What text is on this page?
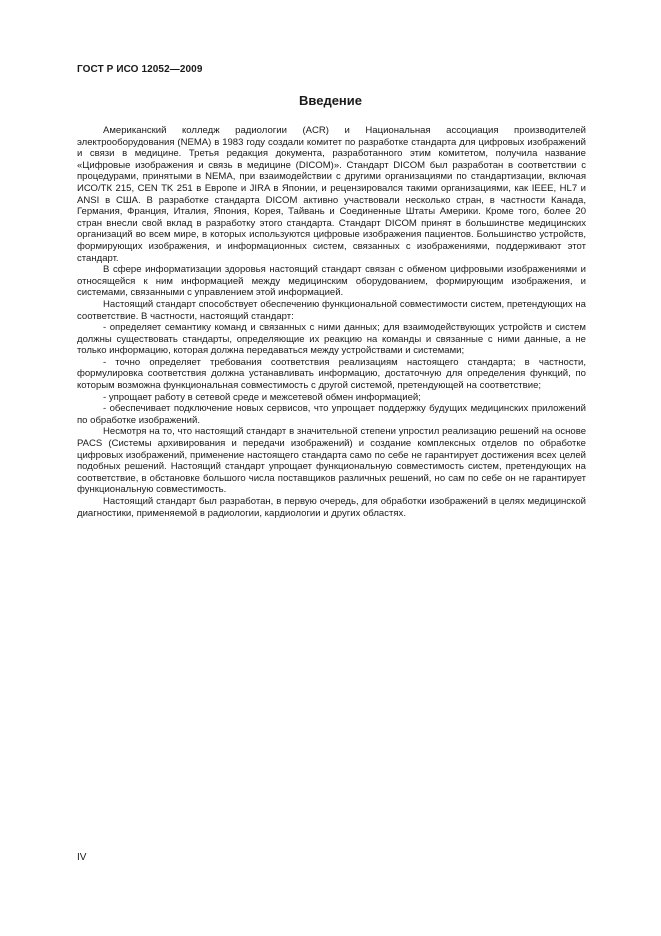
ГОСТ Р ИСО 12052—2009
Введение

Американский колледж радиологии (ACR) и Национальная ассоциация производителей электрооборудования (NEMA) в 1983 году создали комитет по разработке стандарта для цифровых изображений и связи в медицине. Третья редакция документа, разработанного этим комитетом, получила название «Цифровые изображения и связь в медицине (DICOM)». Стандарт DICOM был разработан в соответствии с процедурами, принятыми в NEMA, при взаимодействии с другими организациями по стандартизации, включая ИСО/ТК 215, CEN TK 251 в Европе и JIRA в Японии, и рецензировался такими организациями, как IEEE, HL7 и ANSI в США. В разработке стандарта DICOM активно участвовали несколько стран, в частности Канада, Германия, Франция, Италия, Япония, Корея, Тайвань и Соединенные Штаты Америки. Кроме того, более 20 стран внесли свой вклад в разработку этого стандарта. Стандарт DICOM принят в большинстве медицинских организаций во всем мире, в которых используются цифровые изображения пациентов. Большинство устройств, формирующих изображения, и информационных систем, связанных с изображениями, поддерживают этот стандарт.

В сфере информатизации здоровья настоящий стандарт связан с обменом цифровыми изображениями и относящейся к ним информацией между медицинским оборудованием, формирующим изображения, и системами, связанными с управлением этой информацией.

Настоящий стандарт способствует обеспечению функциональной совместимости систем, претендующих на соответствие. В частности, настоящий стандарт:

- определяет семантику команд и связанных с ними данных; для взаимодействующих устройств и систем должны существовать стандарты, определяющие их реакцию на команды и связанные с ними данные, а не только информацию, которая должна передаваться между устройствами и системами;

- точно определяет требования соответствия реализациям настоящего стандарта; в частности, формулировка соответствия должна устанавливать информацию, достаточную для определения функций, по которым возможна функциональная совместимость с другой системой, претендующей на соответствие;

- упрощает работу в сетевой среде и межсетевой обмен информацией;

- обеспечивает подключение новых сервисов, что упрощает поддержку будущих медицинских приложений по обработке изображений.

Несмотря на то, что настоящий стандарт в значительной степени упростил реализацию решений на основе PACS (Системы архивирования и передачи изображений) и создание комплексных отделов по обработке цифровых изображений, применение настоящего стандарта само по себе не гарантирует достижения всех целей подобных решений. Настоящий стандарт упрощает функциональную совместимость систем, претендующих на соответствие, в обстановке большого числа поставщиков различных решений, но сам по себе он не гарантирует функциональную совместимость.

Настоящий стандарт был разработан, в первую очередь, для обработки изображений в целях медицинской диагностики, применяемой в радиологии, кардиологии и других областях.

IV
